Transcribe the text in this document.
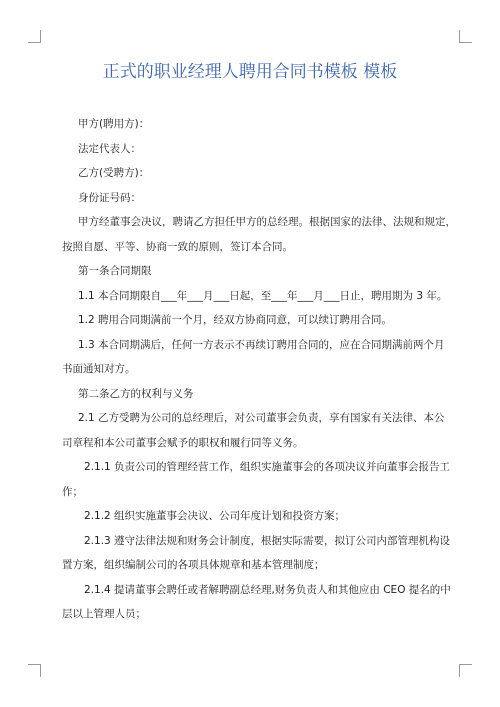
正式的职业经理人聘用合同书模板 模板

甲方(聘用方)：

法定代表人：

乙方(受聘方)：

身份证号码：

甲方经董事会决议，聘请乙方担任甲方的总经理。根据国家的法律、法规和规定，

按照自愿、平等、协商一致的原则，签订本合同。

第一条合同期限

1.1 本合同期限自___年___月___日起，至___年___月___日止，聘用期为 3 年。

1.2 聘用合同期满前一个月，经双方协商同意，可以续订聘用合同。

1.3 本合同期满后，任何一方表示不再续订聘用合同的，应在合同期满前两个月

书面通知对方。

第二条乙方的权利与义务

2.1 乙方受聘为公司的总经理后，对公司董事会负责，享有国家有关法律、本公

司章程和本公司董事会赋予的职权和履行同等义务。

2.1.1 负责公司的管理经营工作，组织实施董事会的各项决议并向董事会报告工

作；

2.1.2 组织实施董事会决议、公司年度计划和投资方案；

2.1.3 遵守法律法规和财务会计制度，根据实际需要，拟订公司内部管理机构设

置方案，组织编制公司的各项具体规章和基本管理制度；

2.1.4 提请董事会聘任或者解聘副总经理,财务负责人和其他应由 CEO 提名的中

层以上管理人员；
